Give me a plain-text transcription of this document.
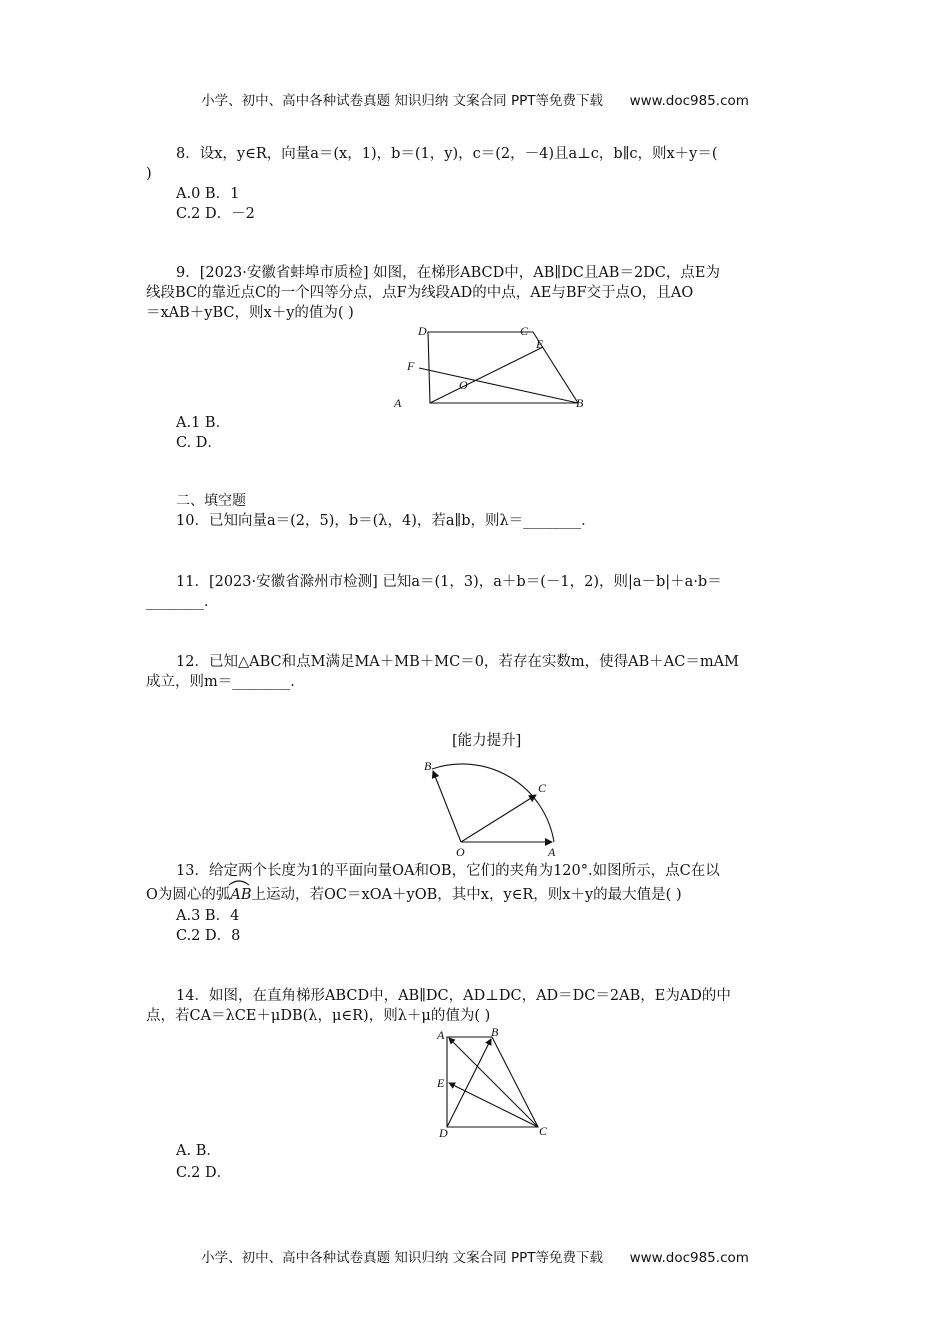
小学、初中、高中各种试卷真题 知识归纳 文案合同 PPT等免费下载 www.doc985.com
8．设x，y∈R，向量a＝(x，1)，b＝(1，y)，c＝(2，－4)且a⊥c，b∥c，则x＋y＝(
)
A.0 B．1
C.2 D．－2
9．[2023·安徽省蚌埠市质检] 如图，在梯形ABCD中，AB∥DC且AB＝2DC，点E为
线段BC的靠近点C的一个四等分点，点F为线段AD的中点，AE与BF交于点O，且AO
＝xAB＋yBC，则x＋y的值为( )
D	C
E
F
O
A	B
A.1 B．
C. D．
二、填空题
10．已知向量a＝(2，5)，b＝(λ，4)，若a∥b，则λ＝________．
11．[2023·安徽省滁州市检测] 已知a＝(1，3)，a＋b＝(－1，2)，则|a－b|＋a·b＝
________．
12．已知△ABC和点M满足MA＋MB＋MC＝0，若存在实数m，使得AB＋AC＝mAM
成立，则m＝________．
[能力提升]
B
C
O	A
13．给定两个长度为1的平面向量OA和OB，它们的夹角为120°.如图所示，点C在以
O为圆心的弧
AB上运动，若OC＝xOA＋yOB，其中x，y∈R，则x＋y的最大值是( )
A.3 B．4
C.2 D．8
14．如图，在直角梯形ABCD中，AB∥DC，AD⊥DC，AD＝DC＝2AB，E为AD的中
点，若CA＝λCE＋μDB(λ，μ∈R)，则λ＋μ的值为( )
A	B
E
D	C
A. B．
C.2 D．
小学、初中、高中各种试卷真题 知识归纳 文案合同 PPT等免费下载 www.doc985.com
